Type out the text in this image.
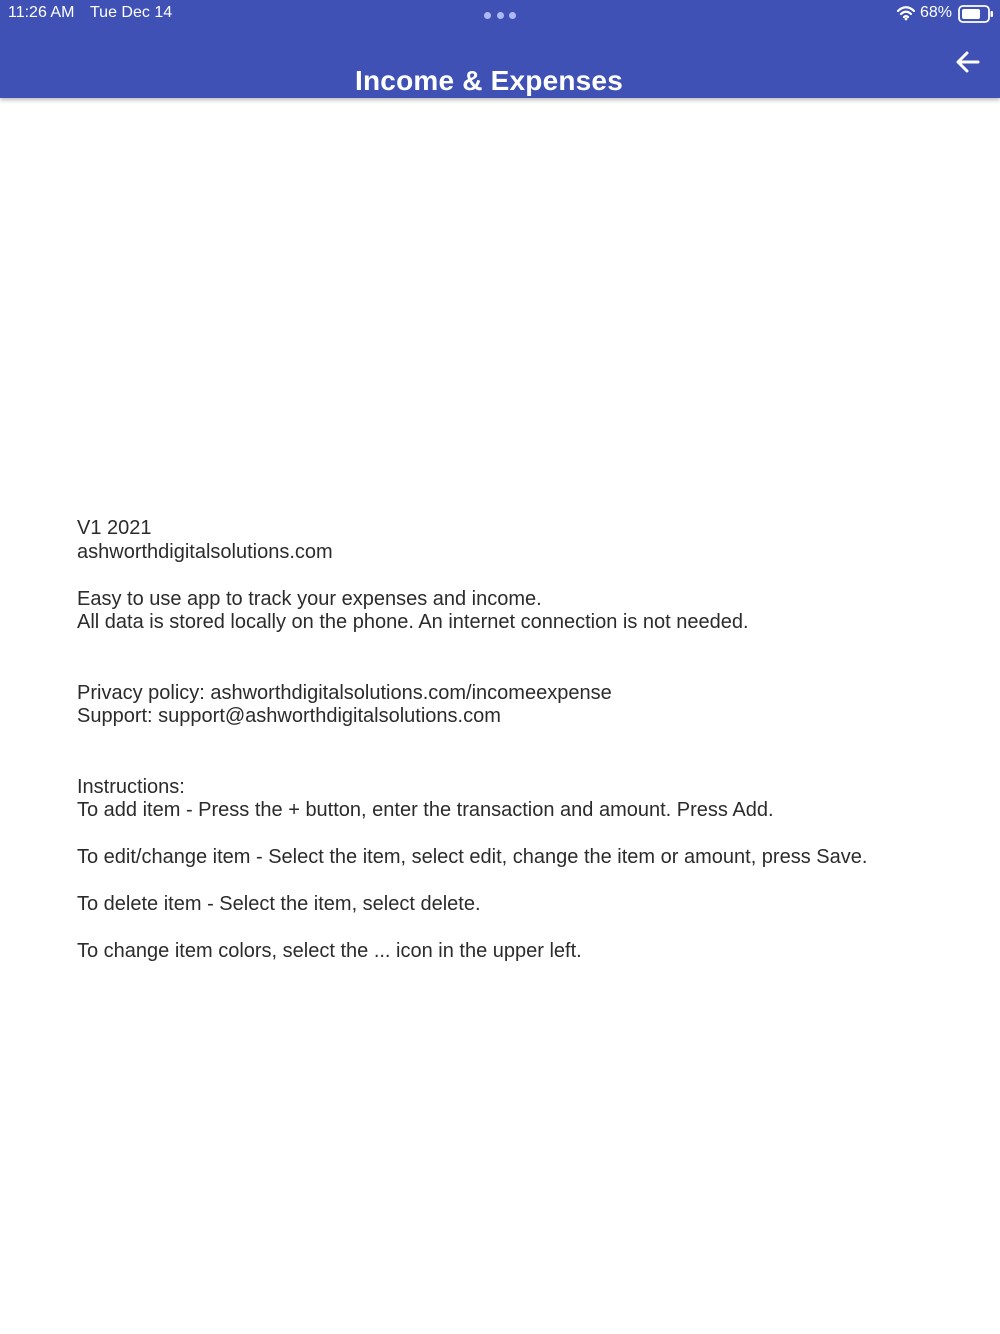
11:26 AM Tue Dec 14	68%
Income & Expenses
V1 2021
ashworthdigitalsolutions.com
Easy to use app to track your expenses and income.
All data is stored locally on the phone. An internet connection is not needed.
Privacy policy: ashworthdigitalsolutions.com/incomeexpense
Support: support@ashworthdigitalsolutions.com
Instructions:
To add item - Press the + button, enter the transaction and amount. Press Add.
To edit/change item - Select the item, select edit, change the item or amount, press Save.
To delete item - Select the item, select delete.
To change item colors, select the ... icon in the upper left.
